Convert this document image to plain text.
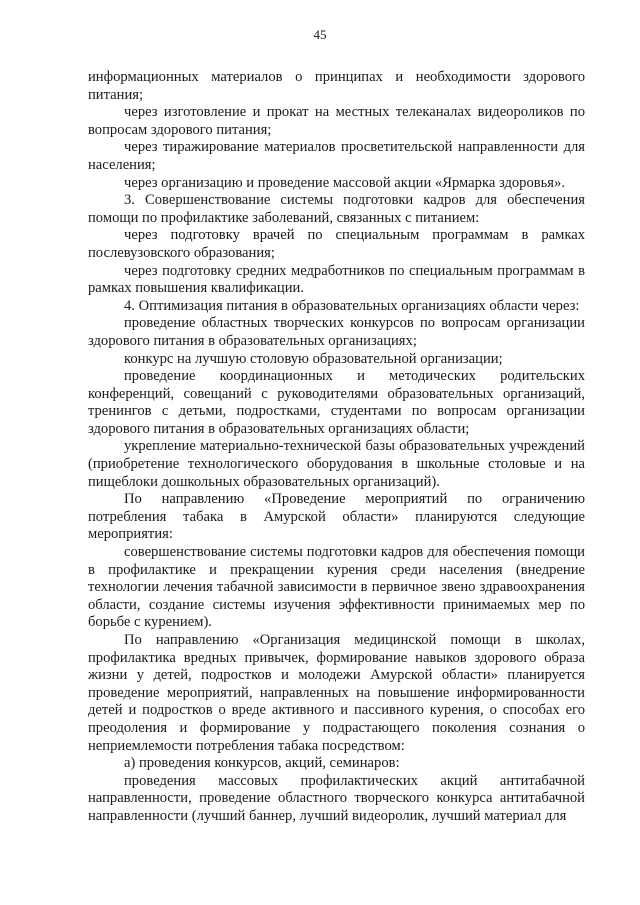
45

информационных материалов о принципах и необходимости здорового питания;

через изготовление и прокат на местных телеканалах видеороликов по вопросам здорового питания;

через тиражирование материалов просветительской направленности для населения;

через организацию и проведение массовой акции «Ярмарка здоровья».

3. Совершенствование системы подготовки кадров для обеспечения помощи по профилактике заболеваний, связанных с питанием:

через подготовку врачей по специальным программам в рамках послевузовского образования;

через подготовку средних медработников по специальным программам в рамках повышения квалификации.

4. Оптимизация питания в образовательных организациях области через:

проведение областных творческих конкурсов по вопросам организации здорового питания в образовательных организациях;

конкурс на лучшую столовую образовательной организации;

проведение координационных и методических родительских конференций, совещаний с руководителями образовательных организаций, тренингов с детьми, подростками, студентами по вопросам организации здорового питания в образовательных организациях области;

укрепление материально-технической базы образовательных учреждений (приобретение технологического оборудования в школьные столовые и на пищеблоки дошкольных образовательных организаций).

По направлению «Проведение мероприятий по ограничению потребления табака в Амурской области» планируются следующие мероприятия:

совершенствование системы подготовки кадров для обеспечения помощи в профилактике и прекращении курения среди населения (внедрение технологии лечения табачной зависимости в первичное звено здравоохранения области, создание системы изучения эффективности принимаемых мер по борьбе с курением).

По направлению «Организация медицинской помощи в школах, профилактика вредных привычек, формирование навыков здорового образа жизни у детей, подростков и молодежи Амурской области» планируется проведение мероприятий, направленных на повышение информированности детей и подростков о вреде активного и пассивного курения, о способах его преодоления и формирование у подрастающего поколения сознания о неприемлемости потребления табака посредством:

а) проведения конкурсов, акций, семинаров:

проведения массовых профилактических акций антитабачной направленности, проведение областного творческого конкурса антитабачной направленности (лучший баннер, лучший видеоролик, лучший материал для
